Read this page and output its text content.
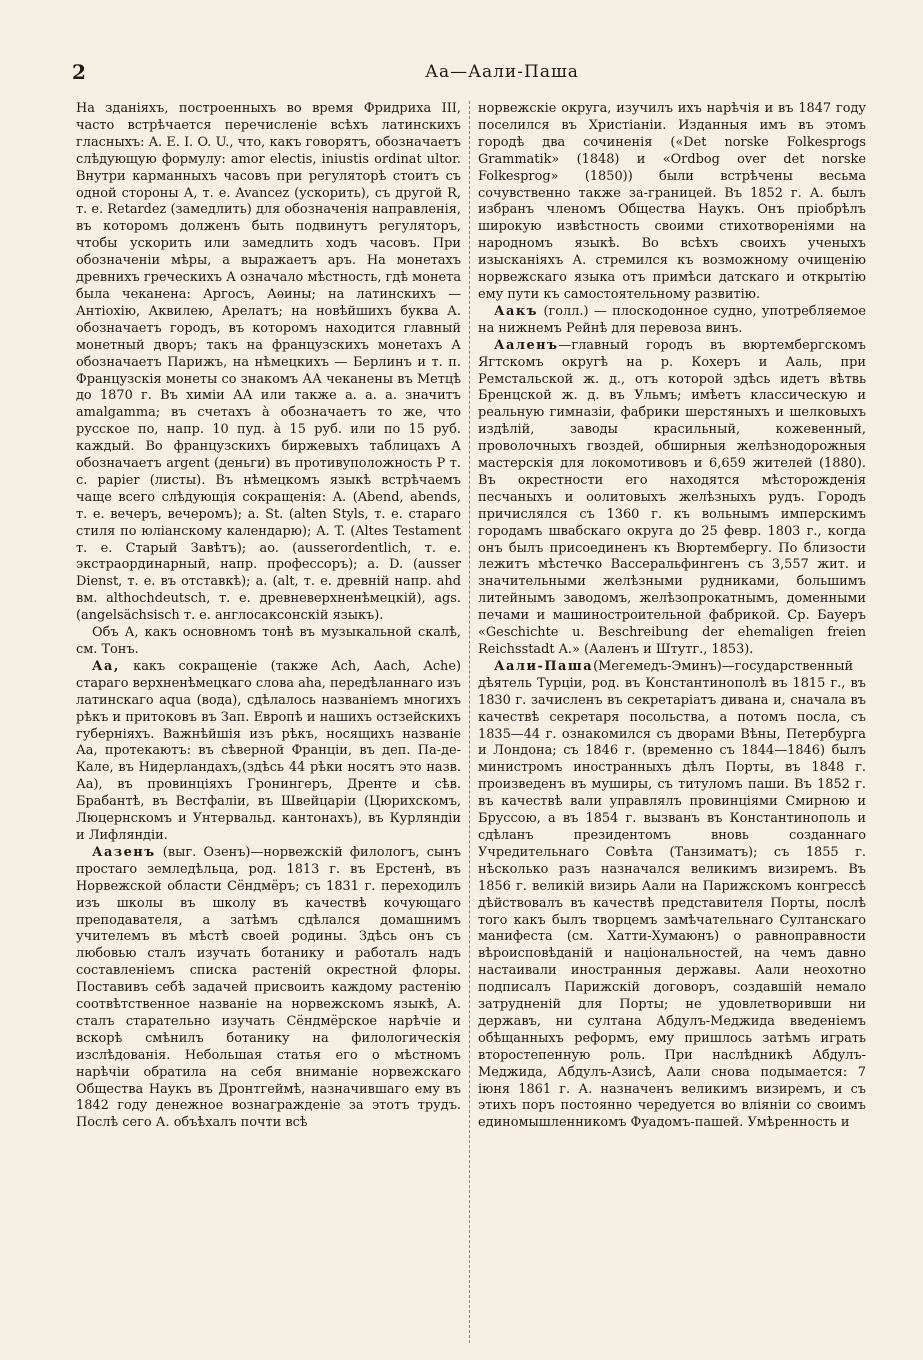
2	Аа—Аали-Паша

На зданіяхъ, построенныхъ во время Фридриха III, часто встрѣчается перечисленіе всѣхъ латинскихъ гласныхъ: A. E. I. O. U., что, какъ говорятъ, обозначаетъ слѣдующую формулу: amor electis, iniustis ordinat ultor. Внутри карманныхъ часовъ при регуляторѣ стоитъ съ одной стороны А, т. е. Avancez (ускорить), съ другой R, т. е. Retardez (замедлить) для обозначенія направленія, въ которомъ долженъ быть подвинутъ регуляторъ, чтобы ускорить или замедлить ходъ часовъ. При обозначеніи мѣры, а выражаетъ аръ. На монетахъ древнихъ греческихъ А означало мѣстность, гдѣ монета была чеканена: Аргосъ, Аѳины; на латинскихъ — Антіохію, Аквилею, Арелатъ; на новѣйшихъ буква А. обозначаетъ городъ, въ которомъ находится главный монетный дворъ; такъ на французскихъ монетахъ А обозначаетъ Парижъ, на нѣмецкихъ — Берлинъ и т. п. Французскія монеты со знакомъ АА чеканены въ Метцѣ до 1870 г. Въ химіи АА или также а. а. а. значитъ amalgamma; въ счетахъ à обозначаетъ то же, что русское по, напр. 10 пуд. à 15 руб. или по 15 руб. каждый. Во французскихъ биржевыхъ таблицахъ А обозначаетъ argent (деньги) въ противуположность P т. с. papier (листы). Въ нѣмецкомъ языкѣ встрѣчаемъ чаще всего слѣдующія сокращенія: A. (Abend, abends, т. е. вечеръ, вечеромъ); a. St. (alten Styls, т. е. стараго стиля по юліанскому календарю); A. T. (Altes Testament т. е. Старый Завѣтъ); ao. (ausserordentlich, т. е. экстраординарный, напр. профессоръ); a. D. (ausser Dienst, т. е. въ отставкѣ); a. (alt, т. е. древній напр. ahd вм. althochdeutsch, т. е. древневерхненѣмецкій), ags. (angelsächsisch т. е. англосаксонскій языкъ).

Объ А, какъ основномъ тонѣ въ музыкальной скалѣ, см. Тонъ.

Аа, какъ сокращеніе (также Ach, Aach, Ache) стараго верхненѣмецкаго слова aha, передѣланнаго изъ латинскаго aqua (вода), сдѣлалось названіемъ многихъ рѣкъ и притоковъ въ Зап. Европѣ и нашихъ остзейскихъ губерніяхъ. Важнѣйшія изъ рѣкъ, носящихъ названіе Аа, протекаютъ: въ сѣверной Франціи, въ деп. Па-де-Кале, въ Нидерландахъ,(здѣсь 44 рѣки носятъ это назв. Аа), въ провинціяхъ Гронингеръ, Дренте и сѣв. Брабантѣ, въ Вестфаліи, въ Швейцаріи (Цюрихскомъ, Люцернскомъ и Унтервальд. кантонахъ), въ Курляндіи и Лифляндіи.

Аазенъ (выг. Озенъ)—норвежскій филологъ, сынъ простаго земледѣльца, род. 1813 г. въ Ерстенѣ, въ Норвежской области Сёндмёръ; съ 1831 г. переходилъ изъ школы въ школу въ качествѣ кочующаго преподавателя, а затѣмъ сдѣлался домашнимъ учителемъ въ мѣстѣ своей родины. Здѣсь онъ съ любовью сталъ изучать ботанику и работалъ надъ составленіемъ списка растеній окрестной флоры. Поставивъ себѣ задачей присвоить каждому растенію соотвѣтственное названіе на норвежскомъ языкѣ, А. сталъ старательно изучать Сёндмёрское нарѣчіе и вскорѣ смѣнилъ ботанику на филологическія изслѣдованія. Небольшая статья его о мѣстномъ нарѣчіи обратила на себя вниманіе норвежскаго Общества Наукъ въ Дронтгеймѣ, назначившаго ему въ 1842 году денежное вознагражденіе за этотъ трудъ. Послѣ сего А. объѣхалъ почти всѣ

норвежскіе округа, изучилъ ихъ нарѣчія и въ 1847 году поселился въ Христіаніи. Изданныя имъ въ этомъ городѣ два сочиненія («Det norske Folkesprogs Grammatik» (1848) и «Ordbog over det norske Folkesprog» (1850)) были встрѣчены весьма сочувственно также за-границей. Въ 1852 г. А. былъ избранъ членомъ Общества Наукъ. Онъ пріобрѣлъ широкую извѣстность своими стихотвореніями на народномъ языкѣ. Во всѣхъ своихъ ученыхъ изысканіяхъ А. стремился къ возможному очищенію норвежскаго языка отъ примѣси датскаго и открытію ему пути къ самостоятельному развитію.

Аакъ (голл.) — плоскодонное судно, употребляемое на нижнемъ Рейнѣ для перевоза винъ.

Ааленъ—главный городъ въ вюртембергскомъ Ягтскомъ округѣ на р. Кохеръ и Ааль, при Ремстальской ж. д., отъ которой здѣсь идетъ вѣтвь Бренцской ж. д. въ Ульмъ; имѣетъ классическую и реальную гимназіи, фабрики шерстяныхъ и шелковыхъ издѣлій, заводы красильный, кожевенный, проволочныхъ гвоздей, обширныя желѣзнодорожныя мастерскія для локомотивовъ и 6,659 жителей (1880). Въ окрестности его находятся мѣсторожденія песчаныхъ и оолитовыхъ желѣзныхъ рудъ. Городъ причислялся съ 1360 г. къ вольнымъ имперскимъ городамъ швабскаго округа до 25 февр. 1803 г., когда онъ былъ присоединенъ къ Вюртембергу. По близости лежитъ мѣстечко Вассеральфингенъ съ 3,557 жит. и значительными желѣзными рудниками, большимъ литейнымъ заводомъ, желѣзопрокатнымъ, доменными печами и машиностроительной фабрикой. Ср. Бауеръ «Geschichte u. Beschreibung der ehemaligen freien Reichsstadt A.» (Ааленъ и Штутг., 1853).

Аали-Паша(Мегемедъ-Эминъ)—государственный дѣятель Турціи, род. въ Константинополѣ въ 1815 г., въ 1830 г. зачисленъ въ секретаріатъ дивана и, сначала въ качествѣ секретаря посольства, а потомъ посла, съ 1835—44 г. ознакомился съ дворами Вѣны, Петербурга и Лондона; съ 1846 г. (временно съ 1844—1846) былъ министромъ иностранныхъ дѣлъ Порты, въ 1848 г. произведенъ въ муширы, съ титуломъ паши. Въ 1852 г. въ качествѣ вали управлялъ провинціями Смирною и Бруссою, а въ 1854 г. вызванъ въ Константинополь и сдѣланъ президентомъ вновь созданнаго Учредительнаго Совѣта (Танзиматъ); съ 1855 г. нѣсколько разъ назначался великимъ визиремъ. Въ 1856 г. великій визирь Аали на Парижскомъ конгрессѣ дѣйствовалъ въ качествѣ представителя Порты, послѣ того какъ былъ творцемъ замѣчательнаго Султанскаго манифеста (см. Хатти-Хумаюнъ) о равноправности вѣроисповѣданій и національностей, на чемъ давно настаивали иностранныя державы. Аали неохотно подписалъ Парижскій договоръ, создавшій немало затрудненій для Порты; не удовлетворивши ни державъ, ни султана Абдулъ-Меджида введеніемъ обѣщанныхъ реформъ, ему пришлось затѣмъ играть второстепенную роль. При наслѣдникѣ Абдулъ-Меджида, Абдулъ-Азисѣ, Аали снова подымается: 7 іюня 1861 г. А. назначенъ великимъ визиремъ, и съ этихъ поръ постоянно чередуется во вліяніи со своимъ единомышленникомъ Фуадомъ-пашей. Умѣренность и
